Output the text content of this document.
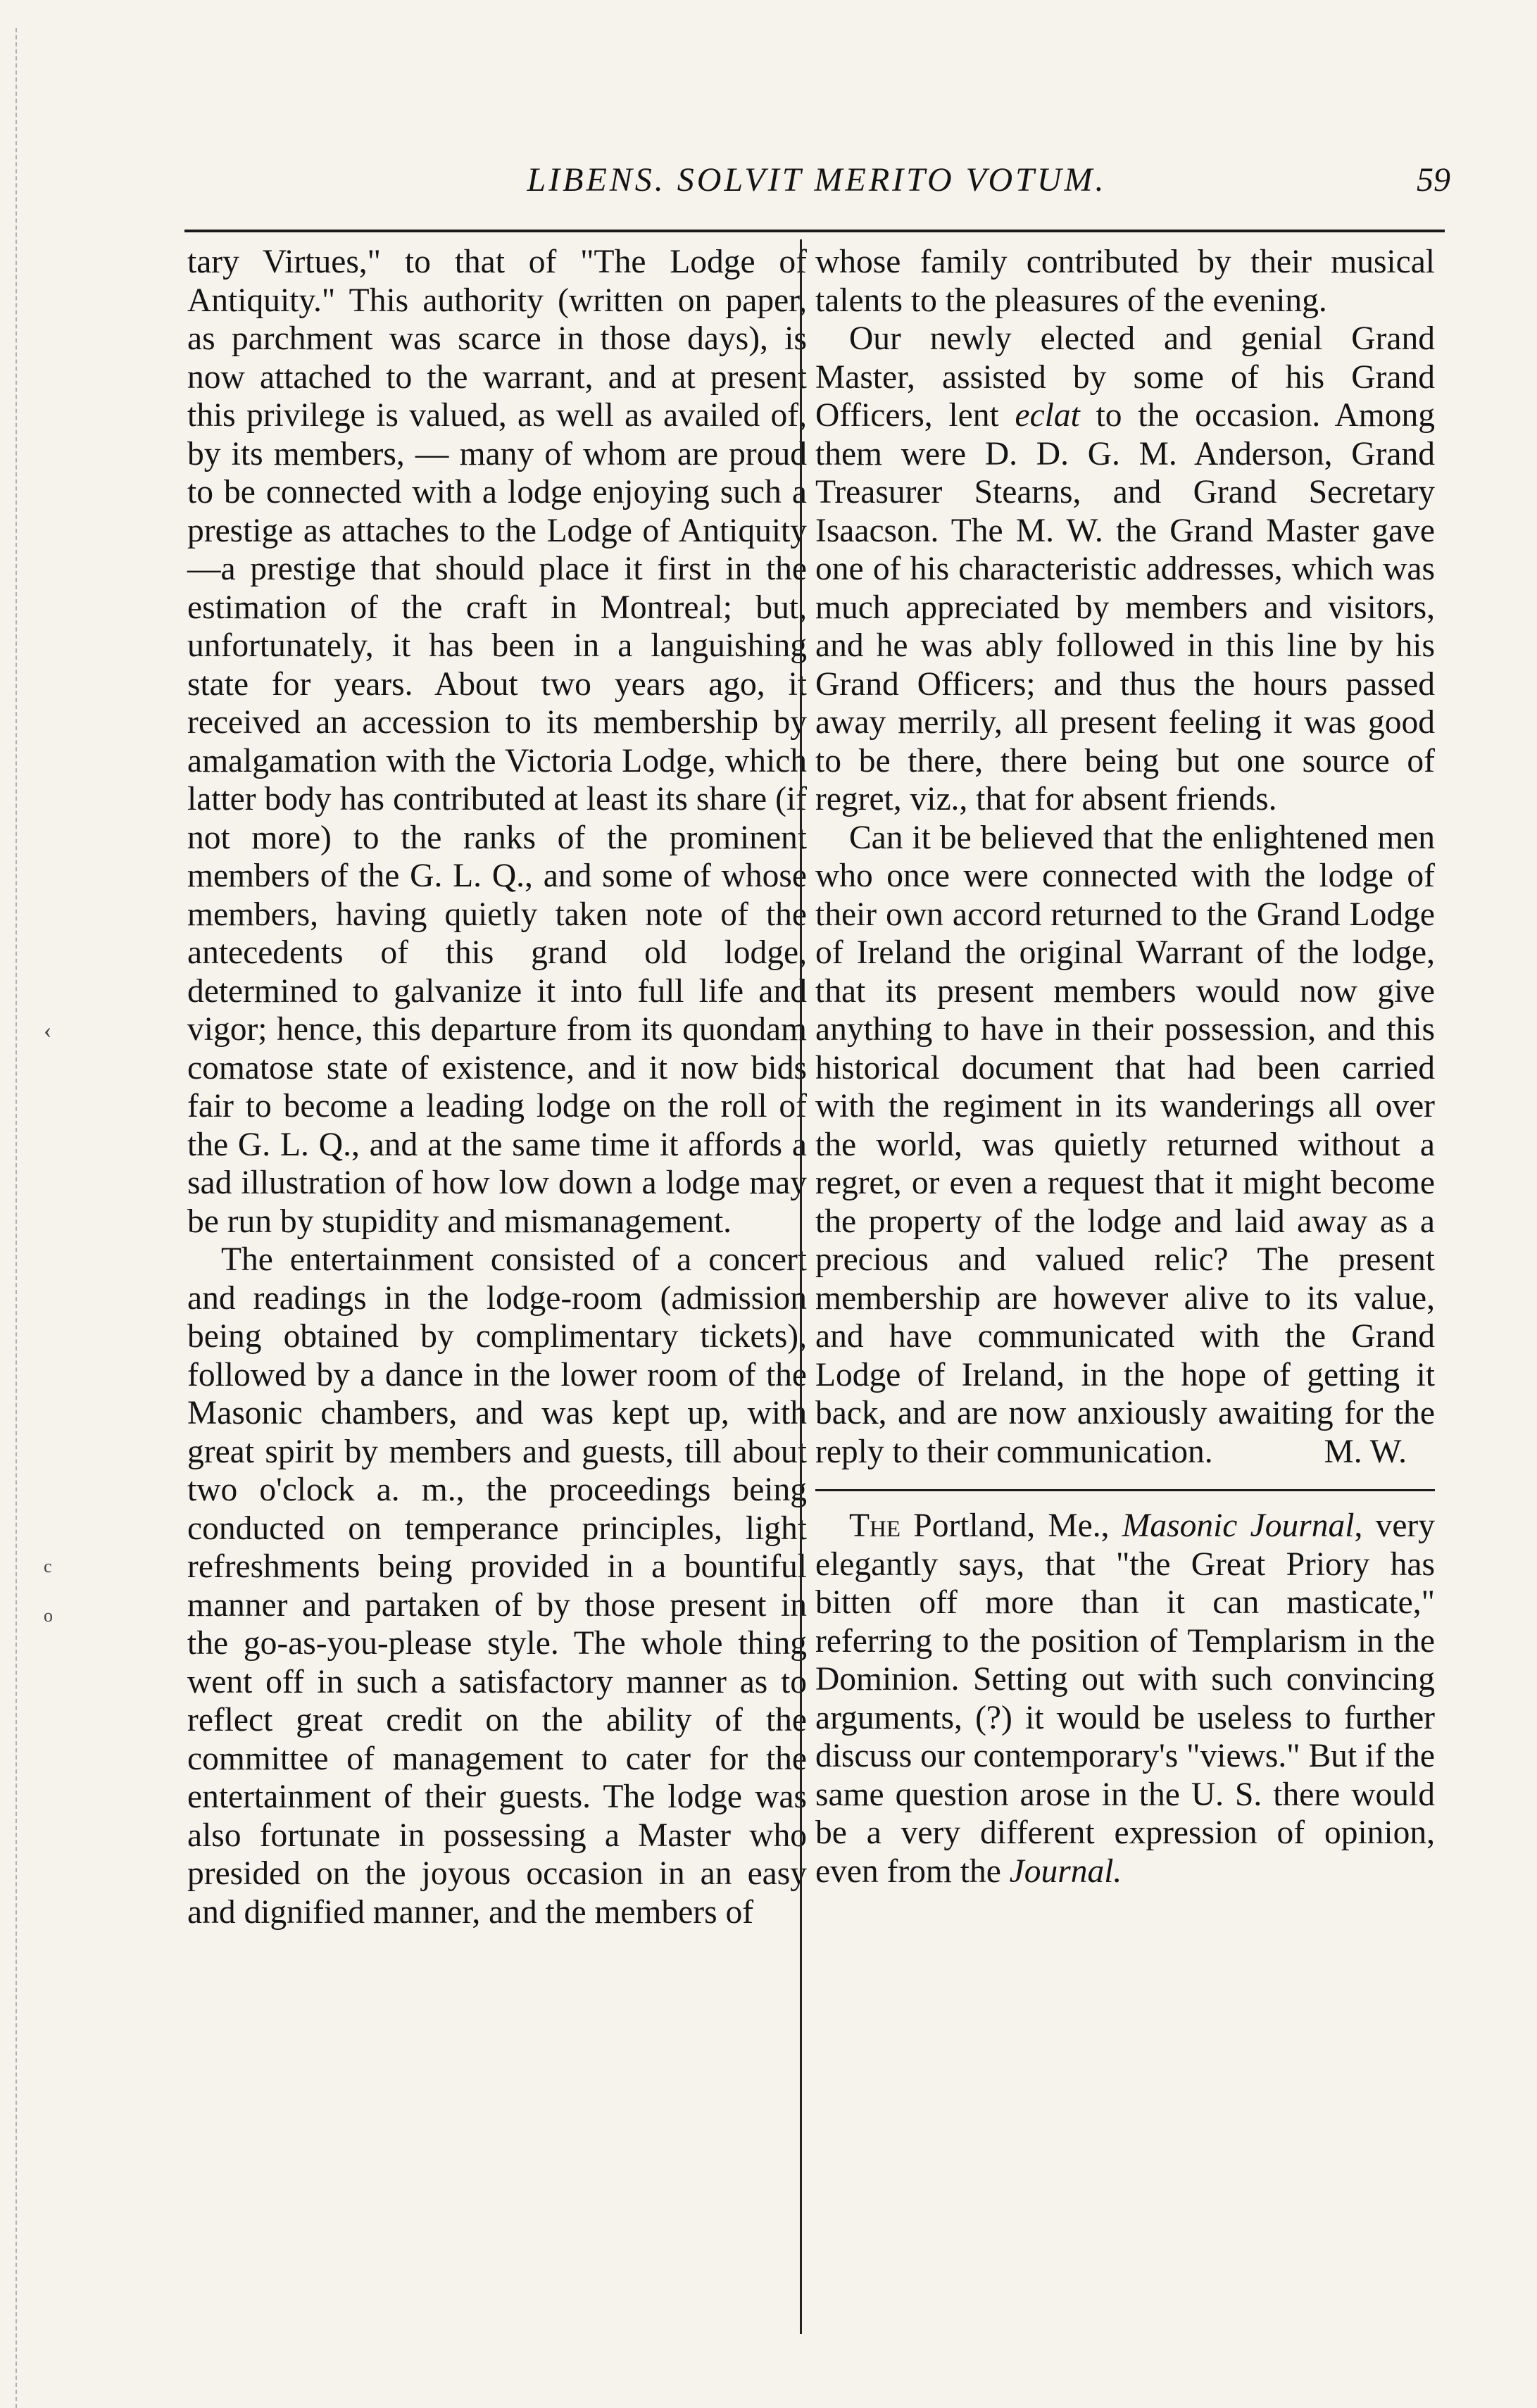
‹
c
o
LIBENS. SOLVIT MERITO VOTUM.	59

tary Virtues," to that of "The Lodge of Antiquity." This authority (written on paper, as parchment was scarce in those days), is now attached to the warrant, and at present this privilege is valued, as well as availed of, by its members, — many of whom are proud to be connected with a lodge enjoying such a prestige as attaches to the Lodge of Antiquity —a prestige that should place it first in the estimation of the craft in Montreal; but, unfortunately, it has been in a languishing state for years. About two years ago, it received an accession to its membership by amalgamation with the Victoria Lodge, which latter body has contributed at least its share (if not more) to the ranks of the prominent members of the G. L. Q., and some of whose members, having quietly taken note of the antecedents of this grand old lodge, determined to galvanize it into full life and vigor; hence, this departure from its quondam comatose state of existence, and it now bids fair to become a leading lodge on the roll of the G. L. Q., and at the same time it affords a sad illustration of how low down a lodge may be run by stupidity and mismanagement.

The entertainment consisted of a concert and readings in the lodge-room (admission being obtained by complimentary tickets), followed by a dance in the lower room of the Masonic chambers, and was kept up, with great spirit by members and guests, till about two o'clock a. m., the proceedings being conducted on temperance principles, light refreshments being provided in a bountiful manner and partaken of by those present in the go-as-you-please style. The whole thing went off in such a satisfactory manner as to reflect great credit on the ability of the committee of management to cater for the entertainment of their guests. The lodge was also fortunate in possessing a Master who presided on the joyous occasion in an easy and dignified manner, and the members of

whose family contributed by their musical talents to the pleasures of the evening.

Our newly elected and genial Grand Master, assisted by some of his Grand Officers, lent eclat to the occasion. Among them were D. D. G. M. Anderson, Grand Treasurer Stearns, and Grand Secretary Isaacson. The M. W. the Grand Master gave one of his characteristic addresses, which was much appreciated by members and visitors, and he was ably followed in this line by his Grand Officers; and thus the hours passed away merrily, all present feeling it was good to be there, there being but one source of regret, viz., that for absent friends.

Can it be believed that the enlightened men who once were connected with the lodge of their own accord returned to the Grand Lodge of Ireland the original Warrant of the lodge, that its present members would now give anything to have in their possession, and this historical document that had been carried with the regiment in its wanderings all over the world, was quietly returned without a regret, or even a request that it might become the property of the lodge and laid away as a precious and valued relic? The present membership are however alive to its value, and have communicated with the Grand Lodge of Ireland, in the hope of getting it back, and are now anxiously awaiting for the reply to their communication.	M. W.

The Portland, Me., Masonic Journal, very elegantly says, that "the Great Priory has bitten off more than it can masticate," referring to the position of Templarism in the Dominion. Setting out with such convincing arguments, (?) it would be useless to further discuss our contemporary's "views." But if the same question arose in the U. S. there would be a very different expression of opinion, even from the Journal.
